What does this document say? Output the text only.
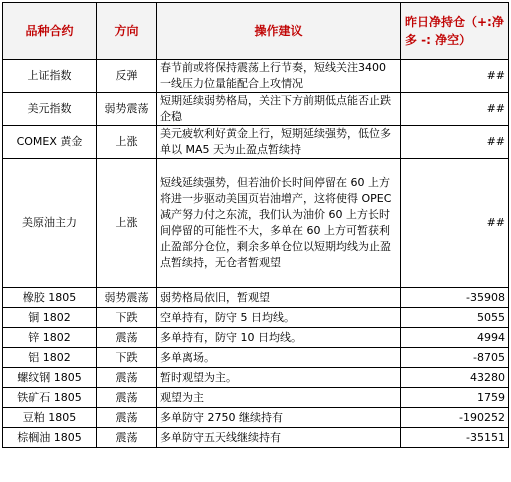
品种合约	方向	操作建议	昨日净持仓（+:净多 -: 净空）
上证指数	反弹	春节前或将保持震荡上行节奏，短线关注3400 一线压力位量能配合上攻情况	##
美元指数	弱势震荡	短期延续弱势格局，关注下方前期低点能否止跌企稳	##
COMEX 黄金	上涨	美元疲软利好黄金上行，短期延续强势，低位多单以 MA5 天为止盈点暂续持	##
美原油主力	上涨	短线延续强势，但若油价长时间停留在 60 上方将进一步驱动美国页岩油增产，这将使得 OPEC 减产努力付之东流，我们认为油价 60 上方长时间停留的可能性不大，多单在 60 上方可暂获利止盈部分仓位，剩余多单仓位以短期均线为止盈点暂续持，无仓者暂观望	##
橡胶 1805	弱势震荡	弱势格局依旧，暂观望	-35908
铜 1802	下跌	空单持有，防守 5 日均线。	5055
锌 1802	震荡	多单持有，防守 10 日均线。	4994
铝 1802	下跌	多单离场。	-8705
螺纹钢 1805	震荡	暂时观望为主。	43280
铁矿石 1805	震荡	观望为主	1759
豆粕 1805	震荡	多单防守 2750 继续持有	-190252
棕榈油 1805	震荡	多单防守五天线继续持有	-35151
